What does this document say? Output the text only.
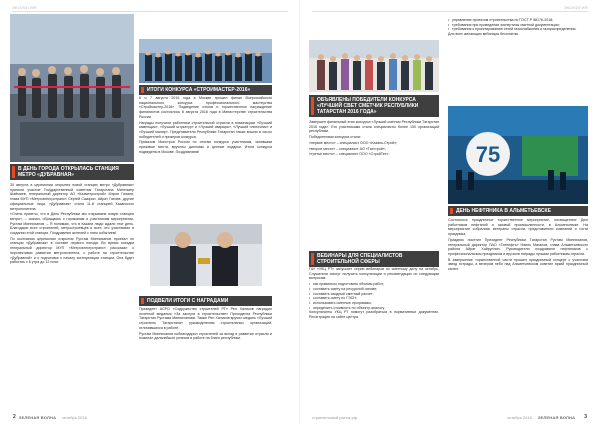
ЭКОЛОГИЯ
В ДЕНЬ ГОРОДА ОТКРЫЛАСЬ СТАНЦИЯ МЕТРО «ДУБРАВНАЯ»

30 августа в церемонии открытия новой станции метро «Дубравная» приняли участие Государственный советник Татарстана Минтимер Шаймиев, генеральный директор АО «Казметрострой» Марат Галиев, глава МУП «Метроэлектротранс» Сергей Сакирин, Айрат Гатиев, другие официальные лица. «Дубравная» стала 11-й станцией Казанского метрополитена.

«Очень приятно, что в День Республики мы открываем новую станцию метро», – сказал, обращаясь к горожанам и участникам мероприятия, Рустам Минниханов. – Я понимаю, что в Казани люди ждали этот день. Благодарю всех строителей, метростроевцев и всех, кто участвовал в создании этой станции. Поздравляю жителей с этим событием!

По окончании церемонии открытия Рустам Минниханов проехал по станции «Дубравная» в составе первого поезда. Во время поездки генеральный директор МУП «Метроэлектротранс» рассказал о перспективах развития метрополитена, о работе на строительстве «Дубравной» и о подготовке к началу эксплуатации станции. Она будет работать с 6 утра до 12 ночи.

ИТОГИ КОНКУРСА «СТРОИМАСТЕР-2016»

6 и 7 августа 2016 года в Москве прошел финал Всероссийского национального конкурса профессионального мастерства «Строймастер-2016». Подведение итогов и торжественное награждение финалистов состоялось 8 августа 2016 года в Министерстве строительства России.

Награды получили работники строительной отрасли в номинациях «Лучший каменщик», «Лучший штукатур» и «Лучший сварщик», «Лучший плиточник» и «Лучший маляр». Представители Республики Татарстан также вошли в число победителей и призеров конкурса.

Приказом Минстроя России по итогам конкурса участникам, занявшим призовые места, вручены дипломы и ценные подарки. Итоги конкурса подведены в Москве. Поздравляем!

ПОДВЕЛИ ИТОГИ С НАГРАДАМИ

Президент АСРО «Содружество строителей РТ» Рен Халиков наградил почетной медалью «За заслуги в строительстве» Президента Республики Татарстан Рустама Минниханова. Также Рен Халиков вручил медаль «Лучший строитель Татарстана» руководителям строительных организаций, отличившихся в работе.

Рустам Минниханов поблагодарил строителей за вклад в развитие отрасли и пожелал дальнейших успехов в работе на благо республики.

2 ЗЕЛЕНАЯ ВОЛНА октябрь 2016
ЭКОЛОГИЯ
ОБЪЯВЛЕНЫ ПОБЕДИТЕЛИ КОНКУРСА «ЛУЧШИЙ СВЕТ СМЕТЧИК РЕСПУБЛИКИ ТАТАРСТАН 2016 ГОДА»

Завершен финальный этап конкурса «Лучший сметчик Республики Татарстан 2016 года». Его участниками стали специалисты более 150 организаций республики.

Победителями конкурса стали:

«первое место» – специалист ООО «Казань-Строй»;

«второе место» – специалист АО «Татстрой»;

«третье место» – специалист ООО «СтройТех».

ВЕБИНАРЫ ДЛЯ СПЕЦИАЛИСТОВ СТРОИТЕЛЬНОЙ СФЕРЫ

ГАУ «УКЦ РТ» запускает серию вебинаров по сметному делу на октябрь. Слушатели смогут получить консультации и рекомендации по следующим вопросам:

• как правильно подготовить объемы работ;
• составить смету на ресурсной основе;
• составить сводный сметный расчет;
• составить смету по ГЭСН;
• использовать сметные программы;
• определить стоимость по объекту-аналогу.

Консультанты УКЦ РТ помогут разобраться в нормативных документах. Регистрация на сайте центра.

• управление проектом строительства по ГОСТ Р 58176-2018;
• требования при проведении экспертизы сметной документации;
• требования к проектированию сетей газоснабжения и газораспределения.

Для всех желающих вебинары бесплатны.

75
ДЕНЬ НЕФТЯНИКА В АЛЬМЕТЬЕВСКЕ

Состоялось праздничное торжественное мероприятие, посвященное Дню работников нефтяной и газовой промышленности, в Альметьевске. На мероприятие собрались ветераны отрасли, представители компаний и гости праздника.

Праздник посетил Президент Республики Татарстан Рустам Минниханов, генеральный директор ПАО «Татнефть» Наиль Маганов, глава Альметьевского района Айрат Хайруллин. Руководители поздравили нефтяников с профессиональным праздником и вручили награды лучшим работникам отрасли.

В завершение торжественной части прошел праздничный концерт с участием звезд эстрады, а вечером небо над Альметьевском осветил яркий праздничный салют.

строительный рынок.рф	октябрь 2016 ЗЕЛЕНАЯ ВОЛНА 3
